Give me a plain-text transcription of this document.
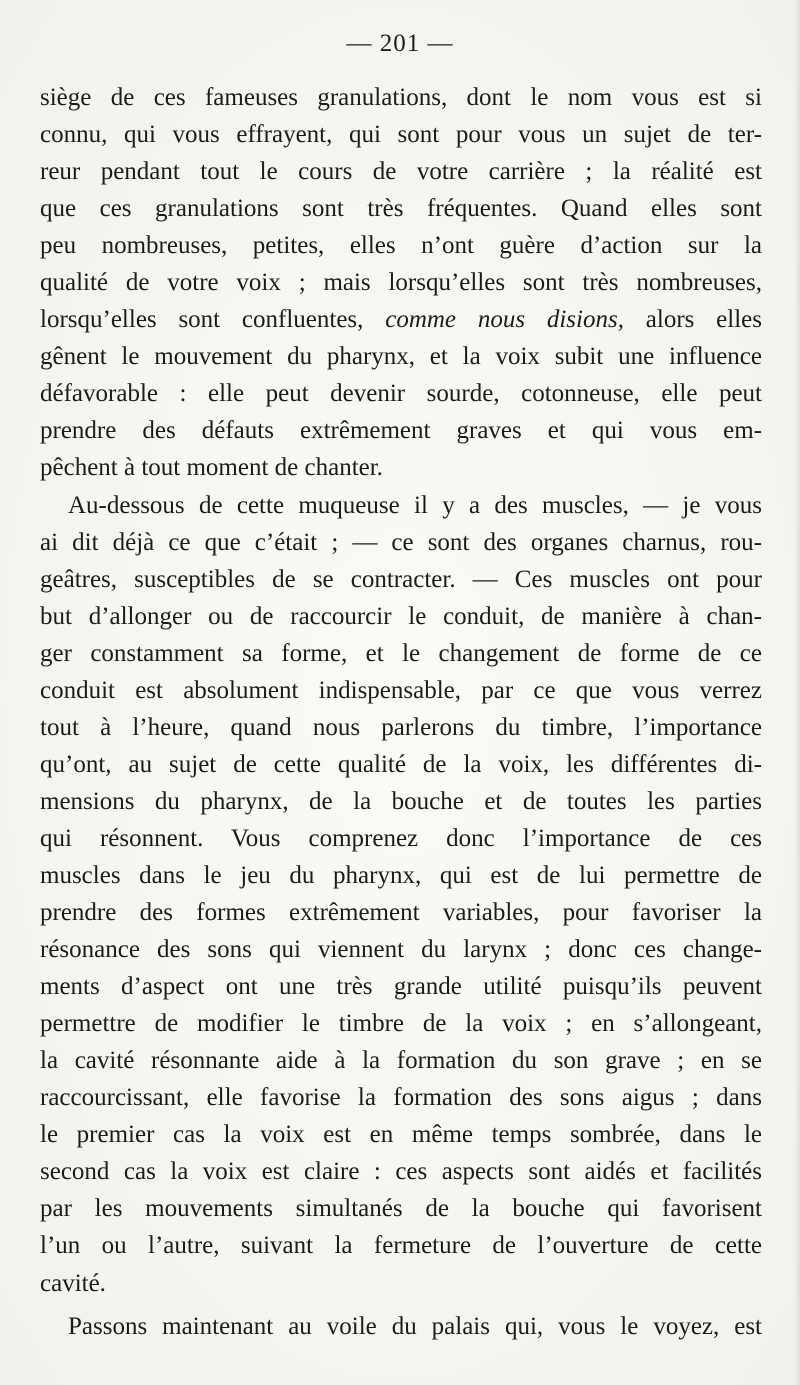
— 201 —
siège de ces fameuses granulations, dont le nom vous est si
connu, qui vous effrayent, qui sont pour vous un sujet de ter-
reur pendant tout le cours de votre carrière ; la réalité est
que ces granulations sont très fréquentes. Quand elles sont
peu nombreuses, petites, elles n’ont guère d’action sur la
qualité de votre voix ; mais lorsqu’elles sont très nombreuses,
lorsqu’elles sont confluentes, comme nous disions, alors elles
gênent le mouvement du pharynx, et la voix subit une influence
défavorable : elle peut devenir sourde, cotonneuse, elle peut
prendre des défauts extrêmement graves et qui vous em-
pêchent à tout moment de chanter.
Au-dessous de cette muqueuse il y a des muscles, — je vous
ai dit déjà ce que c’était ; — ce sont des organes charnus, rou-
geâtres, susceptibles de se contracter. — Ces muscles ont pour
but d’allonger ou de raccourcir le conduit, de manière à chan-
ger constamment sa forme, et le changement de forme de ce
conduit est absolument indispensable, par ce que vous verrez
tout à l’heure, quand nous parlerons du timbre, l’importance
qu’ont, au sujet de cette qualité de la voix, les différentes di-
mensions du pharynx, de la bouche et de toutes les parties
qui résonnent. Vous comprenez donc l’importance de ces
muscles dans le jeu du pharynx, qui est de lui permettre de
prendre des formes extrêmement variables, pour favoriser la
résonance des sons qui viennent du larynx ; donc ces change-
ments d’aspect ont une très grande utilité puisqu’ils peuvent
permettre de modifier le timbre de la voix ; en s’allongeant,
la cavité résonnante aide à la formation du son grave ; en se
raccourcissant, elle favorise la formation des sons aigus ; dans
le premier cas la voix est en même temps sombrée, dans le
second cas la voix est claire : ces aspects sont aidés et facilités
par les mouvements simultanés de la bouche qui favorisent
l’un ou l’autre, suivant la fermeture de l’ouverture de cette
cavité.
Passons maintenant au voile du palais qui, vous le voyez, est
